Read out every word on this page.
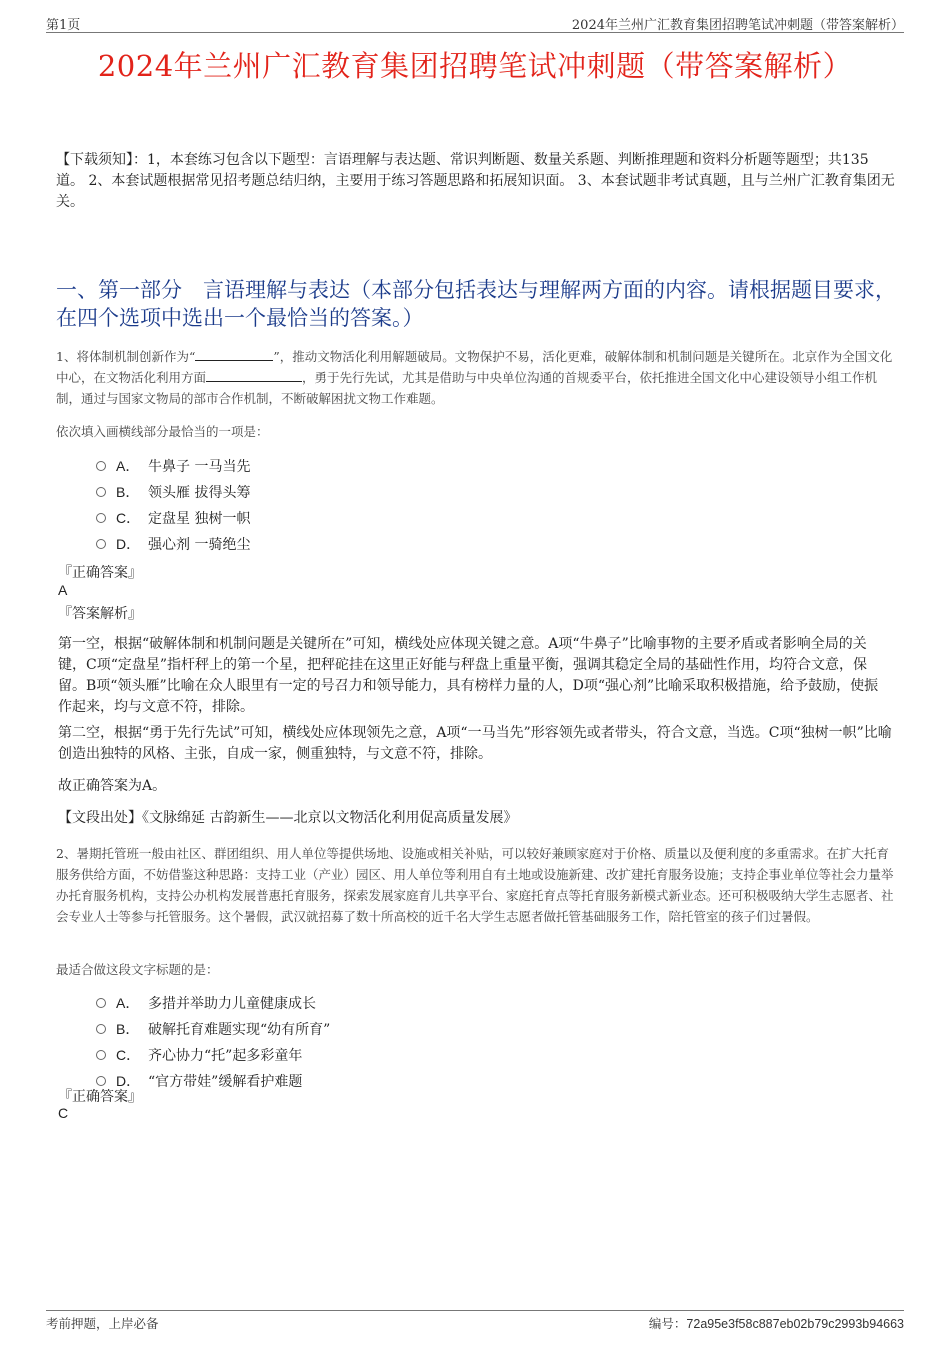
第1页	2024年兰州广汇教育集团招聘笔试冲刺题（带答案解析）
2024年兰州广汇教育集团招聘笔试冲刺题（带答案解析）
【下载须知】：1，本套练习包含以下题型：言语理解与表达题、常识判断题、数量关系题、判断推理题和资料分析题等题型；共135道。 2、本套试题根据常见招考题总结归纳，主要用于练习答题思路和拓展知识面。 3、本套试题非考试真题，且与兰州广汇教育集团无关。
一、第一部分　言语理解与表达（本部分包括表达与理解两方面的内容。请根据题目要求，在四个选项中选出一个最恰当的答案。）
1、将体制机制创新作为“	”，推动文物活化利用解题破局。文物保护不易，活化更难，破解体制和机制问题是关键所在。北京作为全国文化中心，在文物活化利用方面	，勇于先行先试，尤其是借助与中央单位沟通的首规委平台，依托推进全国文化中心建设领导小组工作机制，通过与国家文物局的部市合作机制，不断破解困扰文物工作难题。
依次填入画横线部分最恰当的一项是：
A． 牛鼻子 一马当先
B． 领头雁 拔得头筹
C． 定盘星 独树一帜
D． 强心剂 一骑绝尘
『正确答案』
A
『答案解析』
第一空，根据“破解体制和机制问题是关键所在”可知，横线处应体现关键之意。A项“牛鼻子”比喻事物的主要矛盾或者影响全局的关键，C项“定盘星”指杆秤上的第一个星，把秤砣挂在这里正好能与秤盘上重量平衡，强调其稳定全局的基础性作用，均符合文意，保留。B项“领头雁”比喻在众人眼里有一定的号召力和领导能力，具有榜样力量的人，D项“强心剂”比喻采取积极措施，给予鼓励，使振作起来，均与文意不符，排除。
第二空，根据“勇于先行先试”可知，横线处应体现领先之意，A项“一马当先”形容领先或者带头，符合文意，当选。C项“独树一帜”比喻创造出独特的风格、主张，自成一家，侧重独特，与文意不符，排除。
故正确答案为A。
【文段出处】《文脉绵延 古韵新生——北京以文物活化利用促高质量发展》
2、暑期托管班一般由社区、群团组织、用人单位等提供场地、设施或相关补贴，可以较好兼顾家庭对于价格、质量以及便利度的多重需求。在扩大托育服务供给方面，不妨借鉴这种思路：支持工业（产业）园区、用人单位等利用自有土地或设施新建、改扩建托育服务设施；支持企事业单位等社会力量举办托育服务机构，支持公办机构发展普惠托育服务，探索发展家庭育儿共享平台、家庭托育点等托育服务新模式新业态。还可积极吸纳大学生志愿者、社会专业人士等参与托管服务。这个暑假，武汉就招募了数十所高校的近千名大学生志愿者做托管基础服务工作，陪托管室的孩子们过暑假。
最适合做这段文字标题的是：
A． 多措并举助力儿童健康成长
B． 破解托育难题实现“幼有所育”
C． 齐心协力“托”起多彩童年
D． “官方带娃”缓解看护难题
『正确答案』
C
考前押题，上岸必备	编号：72a95e3f58c887eb02b79c2993b94663
